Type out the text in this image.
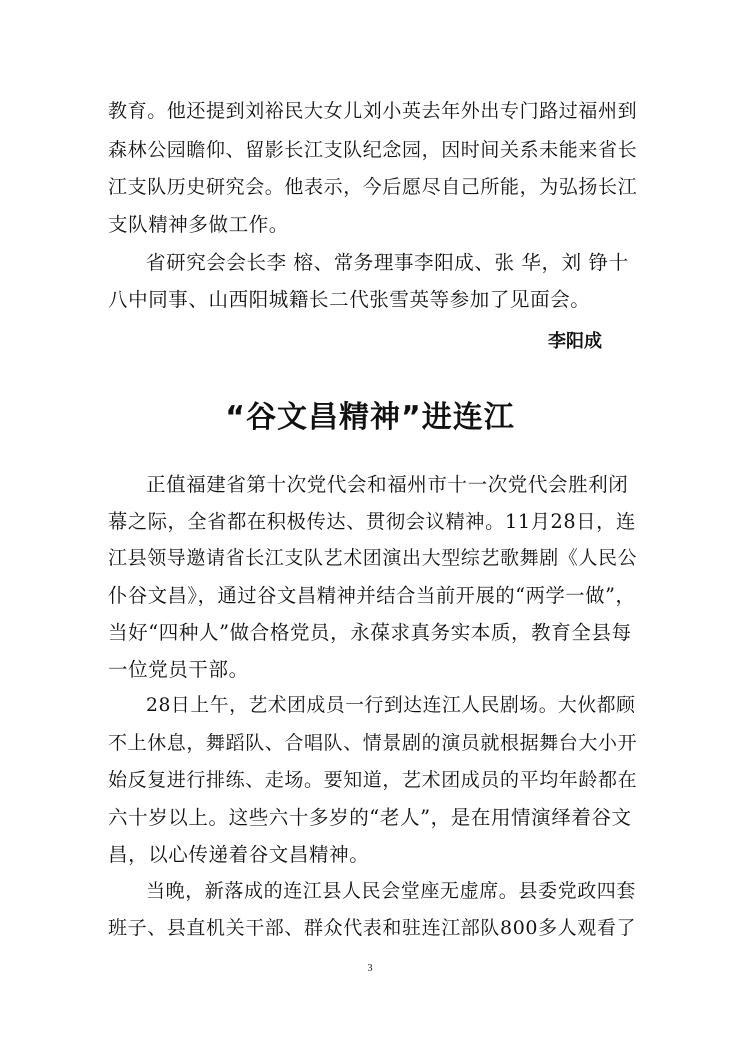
教育。他还提到刘裕民大女儿刘小英去年外出专门路过福州到
森林公园瞻仰、留影长江支队纪念园，因时间关系未能来省长
江支队历史研究会。他表示，今后愿尽自己所能，为弘扬长江
支队精神多做工作。
省研究会会长李 榕、常务理事李阳成、张 华，刘 铮十
八中同事、山西阳城籍长二代张雪英等参加了见面会。
李阳成
“谷文昌精神”进连江
正值福建省第十次党代会和福州市十一次党代会胜利闭
幕之际，全省都在积极传达、贯彻会议精神。11月28日，连
江县领导邀请省长江支队艺术团演出大型综艺歌舞剧《人民公
仆谷文昌》，通过谷文昌精神并结合当前开展的“两学一做”，
当好“四种人”做合格党员，永葆求真务实本质，教育全县每
一位党员干部。
28日上午，艺术团成员一行到达连江人民剧场。大伙都顾
不上休息，舞蹈队、合唱队、情景剧的演员就根据舞台大小开
始反复进行排练、走场。要知道，艺术团成员的平均年龄都在
六十岁以上。这些六十多岁的“老人”，是在用情演绎着谷文
昌，以心传递着谷文昌精神。
当晚，新落成的连江县人民会堂座无虚席。县委党政四套
班子、县直机关干部、群众代表和驻连江部队800多人观看了
3
